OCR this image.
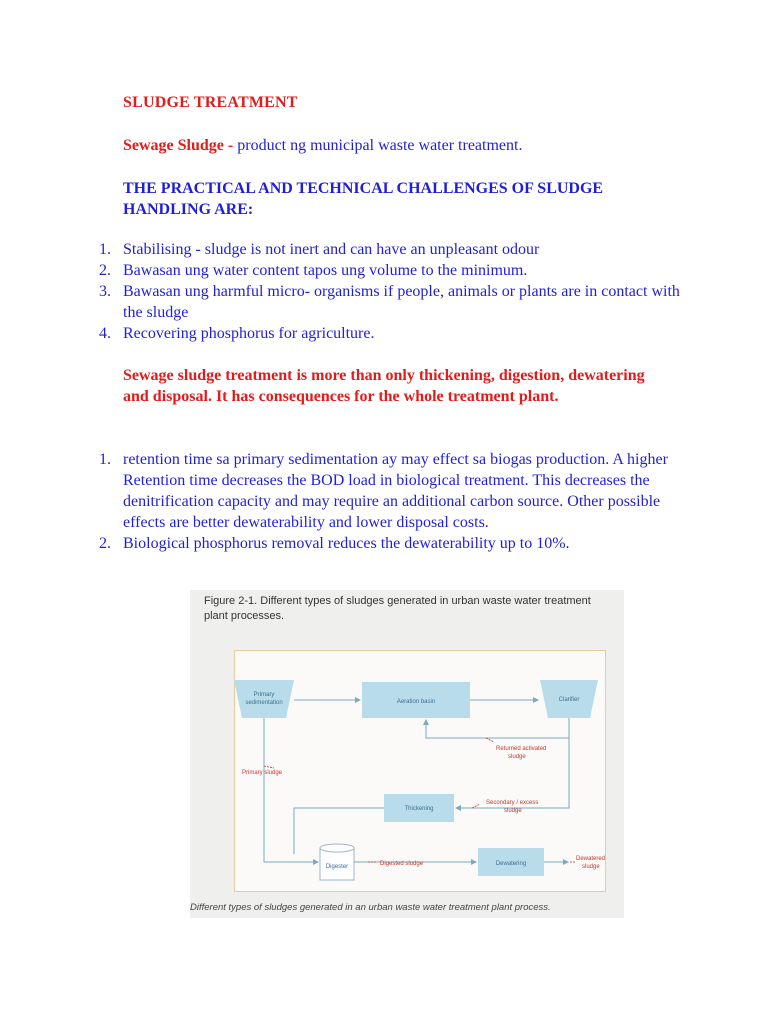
SLUDGE TREATMENT
Sewage Sludge - product ng municipal waste water treatment.
THE PRACTICAL AND TECHNICAL CHALLENGES OF SLUDGE HANDLING ARE:
1. Stabilising - sludge is not inert and can have an unpleasant odour
2. Bawasan ung water content tapos ung volume to the minimum.
3. Bawasan ung harmful micro- organisms if people, animals or plants are in contact with the sludge
4. Recovering phosphorus for agriculture.
Sewage sludge treatment is more than only thickening, digestion, dewatering and disposal. It has consequences for the whole treatment plant.
1. retention time sa primary sedimentation ay may effect sa biogas production. A higher Retention time decreases the BOD load in biological treatment. This decreases the denitrification capacity and may require an additional carbon source. Other possible effects are better dewaterability and lower disposal costs.
2. Biological phosphorus removal reduces the dewaterability up to 10%.
Figure 2-1. Different types of sludges generated in urban waste water treatment plant processes.
Primary
sedimentation	Aeration basin	Clarifier
Thickening
Digester	Dewatering
Returned activated
sludge
Primary sludge
Secondary / excess
sludge
Digested sludge
Dewatered
sludge
Different types of sludges generated in an urban waste water treatment plant process.
